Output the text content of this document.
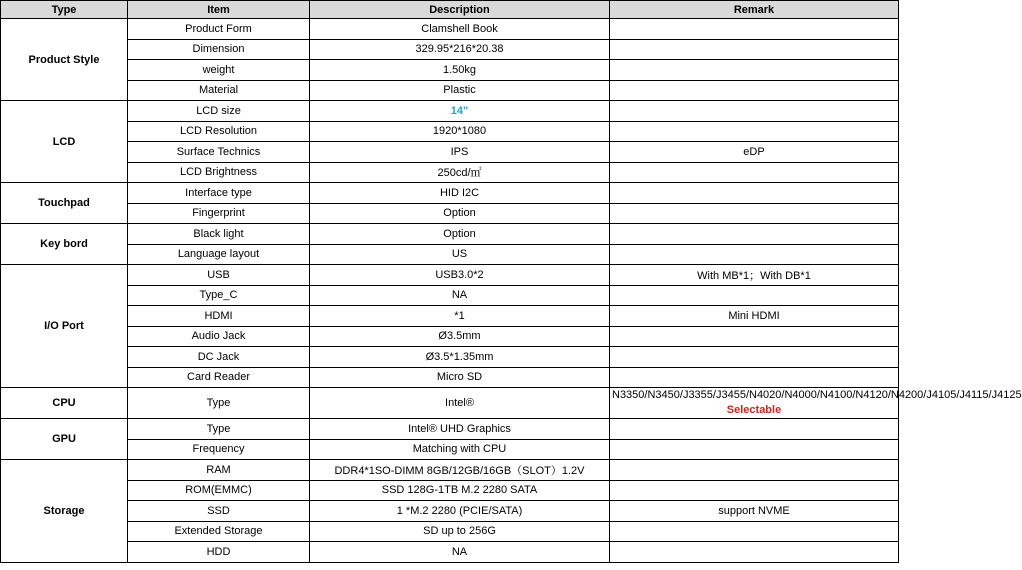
Type	Item	Description	Remark
Product Style	Product Form	Clamshell Book	
	Dimension	329.95*216*20.38	
	weight	1.50kg	
	Material	Plastic	
LCD	LCD size	14"	
	LCD Resolution	1920*1080	
	Surface Technics	IPS	eDP
	LCD Brightness	250cd/㎡	
Touchpad	Interface type	HID I2C	
	Fingerprint	Option	
Key bord	Black light	Option	
	Language layout	US	
I/O Port	USB	USB3.0*2	With MB*1；With DB*1
	Type_C	NA	
	HDMI	*1	Mini HDMI
	Audio Jack	Ø3.5mm	
	DC Jack	Ø3.5*1.35mm	
	Card Reader	Micro SD	
CPU	Type	Intel®	N3350/N3450/J3355/J3455/N4020/N4000/N4100/N4120/N4200/J4105/J4115/J4125 Selectable
GPU	Type	Intel® UHD Graphics	
	Frequency	Matching with CPU	
Storage	RAM	DDR4*1SO-DIMM 8GB/12GB/16GB（SLOT）1.2V	
	ROM(EMMC)	SSD 128G-1TB M.2 2280 SATA	
	SSD	1 *M.2 2280 (PCIE/SATA)	support NVME
	Extended Storage	SD up to 256G	
	HDD	NA	
